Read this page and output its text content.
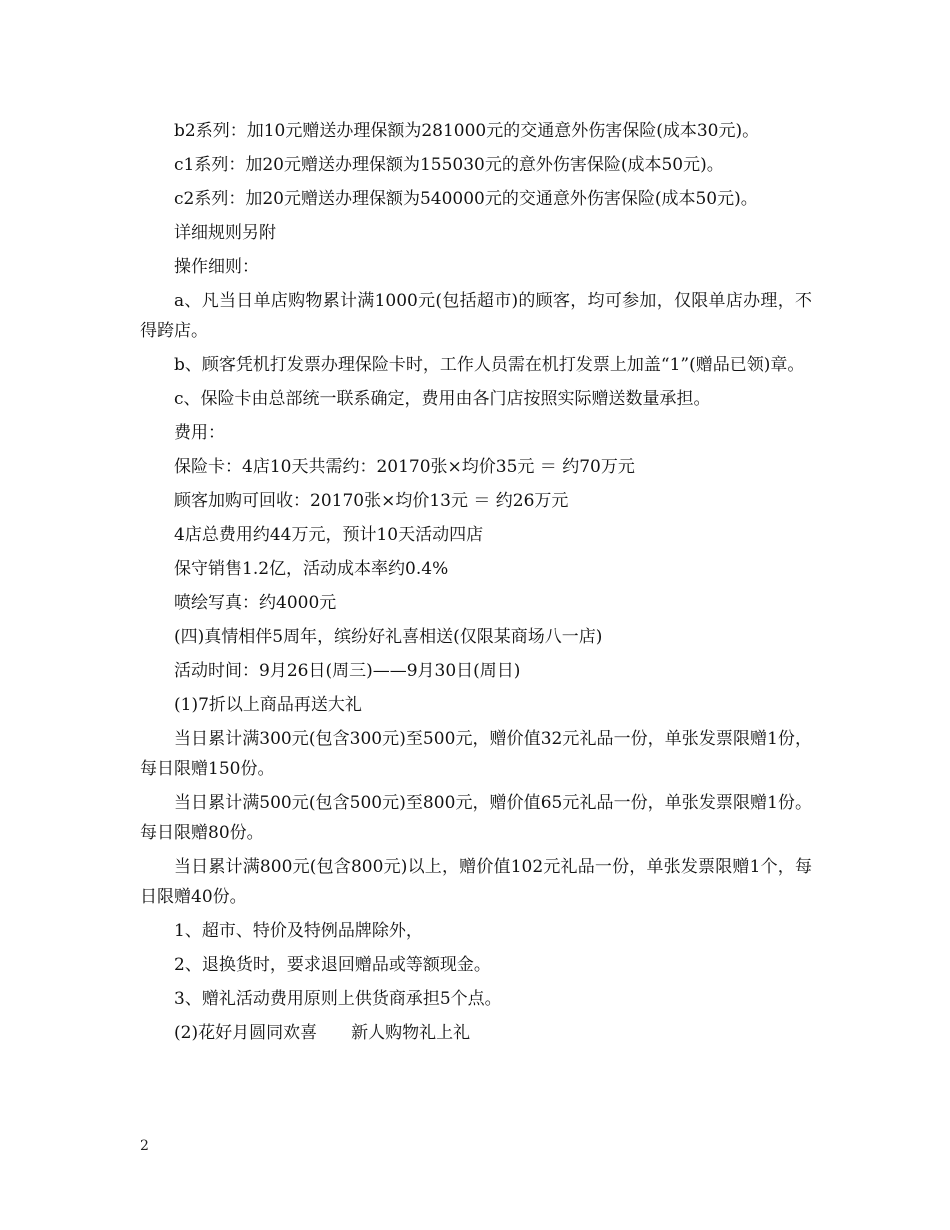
b2系列：加10元赠送办理保额为281000元的交通意外伤害保险(成本30元)。

c1系列：加20元赠送办理保额为155030元的意外伤害保险(成本50元)。

c2系列：加20元赠送办理保额为540000元的交通意外伤害保险(成本50元)。

详细规则另附

操作细则：

a、凡当日单店购物累计满1000元(包括超市)的顾客，均可参加，仅限单店办理，不得跨店。

b、顾客凭机打发票办理保险卡时，工作人员需在机打发票上加盖“1”(赠品已领)章。

c、保险卡由总部统一联系确定，费用由各门店按照实际赠送数量承担。

费用：

保险卡：4店10天共需约：20170张×均价35元 ＝ 约70万元

顾客加购可回收：20170张×均价13元 ＝ 约26万元

4店总费用约44万元，预计10天活动四店

保守销售1.2亿，活动成本率约0.4%

喷绘写真：约4000元

(四)真情相伴5周年，缤纷好礼喜相送(仅限某商场八一店)

活动时间：9月26日(周三)——9月30日(周日)

(1)7折以上商品再送大礼

当日累计满300元(包含300元)至500元，赠价值32元礼品一份，单张发票限赠1份，每日限赠150份。

当日累计满500元(包含500元)至800元，赠价值65元礼品一份，单张发票限赠1份。每日限赠80份。

当日累计满800元(包含800元)以上，赠价值102元礼品一份，单张发票限赠1个，每日限赠40份。

1、超市、特价及特例品牌除外，

2、退换货时，要求退回赠品或等额现金。

3、赠礼活动费用原则上供货商承担5个点。

(2)花好月圆同欢喜　　新人购物礼上礼

2
